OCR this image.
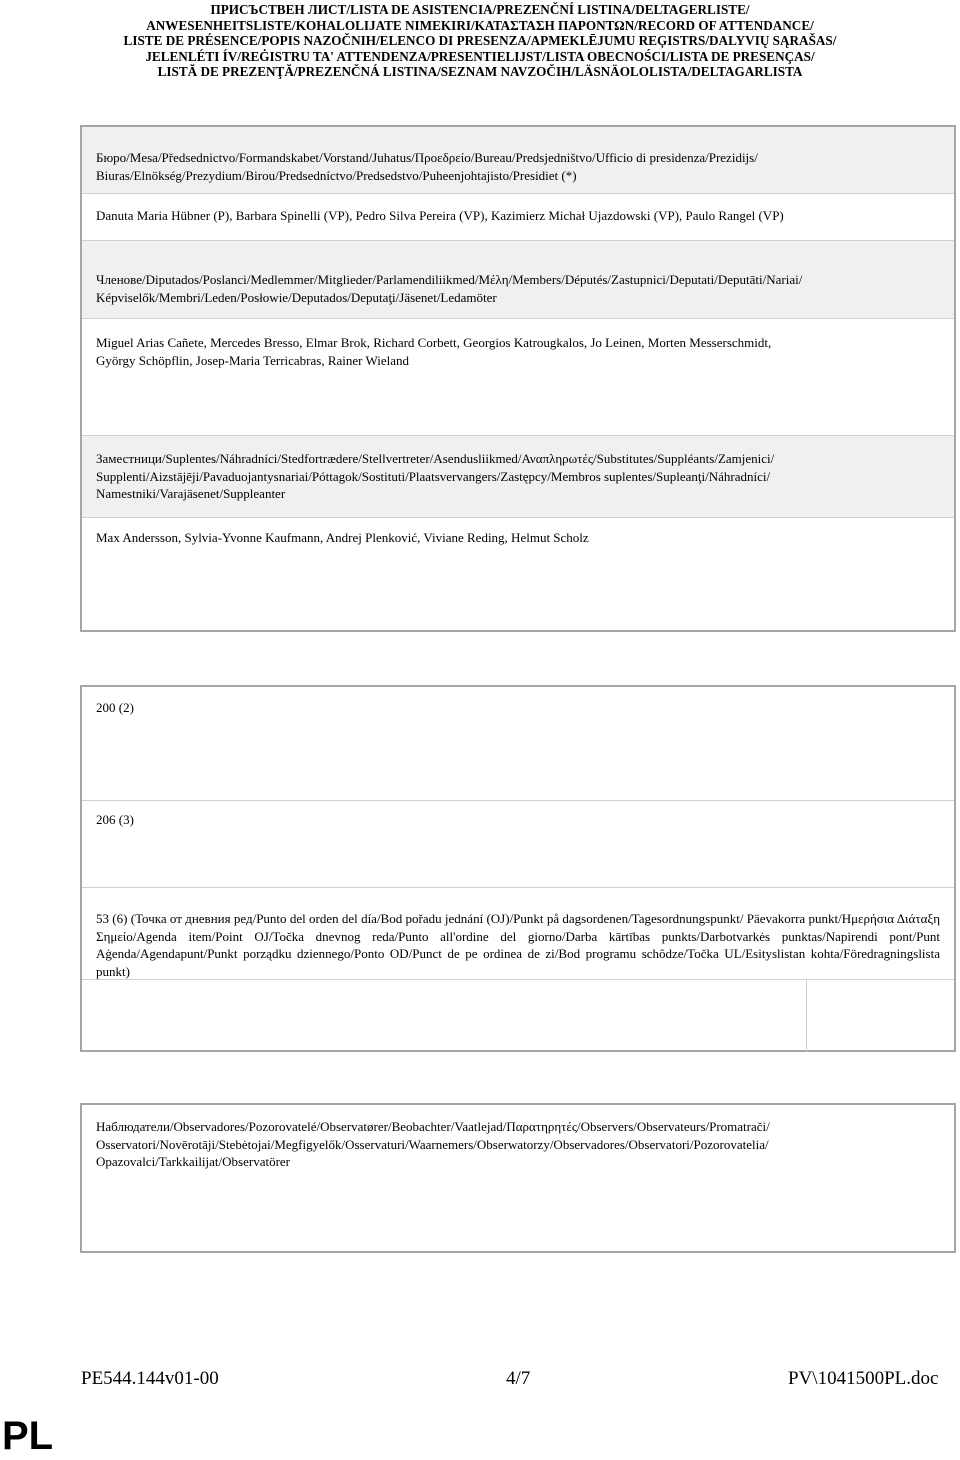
ПРИСЪСТВЕН ЛИСТ/LISTA DE ASISTENCIA/PREZENČNÍ LISTINA/DELTAGERLISTE/
ANWESENHEITSLISTE/KOHALOLIJATE NIMEKIRI/ΚΑΤΑΣΤΑΣΗ ΠΑΡΟΝΤΩΝ/RECORD OF ATTENDANCE/
LISTE DE PRÉSENCE/POPIS NAZOČNIH/ELENCO DI PRESENZA/APMEKLĒJUMU REĢISTRS/DALYVIŲ SĄRAŠAS/
JELENLÉTI ÍV/REĠISTRU TA' ATTENDENZA/PRESENTIELIJST/LISTA OBECNOŚCI/LISTA DE PRESENÇAS/
LISTĂ DE PREZENŢĂ/PREZENČNÁ LISTINA/SEZNAM NAVZOČIH/LÄSNÄOLOLISTA/DELTAGARLISTA
Бюро/Mesa/Předsednictvo/Formandskabet/Vorstand/Juhatus/Προεδρείο/Bureau/Predsjedništvo/Ufficio di presidenza/Prezidijs/
Biuras/Elnökség/Prezydium/Birou/Predsedníctvo/Predsedstvo/Puheenjohtajisto/Presidiet (*)
Danuta Maria Hübner (P), Barbara Spinelli (VP), Pedro Silva Pereira (VP), Kazimierz Michał Ujazdowski (VP), Paulo Rangel (VP)
Членове/Diputados/Poslanci/Medlemmer/Mitglieder/Parlamendiliikmed/Μέλη/Members/Députés/Zastupnici/Deputati/Deputāti/Nariai/
Képviselők/Membri/Leden/Posłowie/Deputados/Deputaţi/Jäsenet/Ledamöter
Miguel Arias Cañete, Mercedes Bresso, Elmar Brok, Richard Corbett, Georgios Katrougkalos, Jo Leinen, Morten Messerschmidt,
György Schöpflin, Josep-Maria Terricabras, Rainer Wieland
Заместници/Suplentes/Náhradníci/Stedfortrædere/Stellvertreter/Asendusliikmed/Αναπληρωτές/Substitutes/Suppléants/Zamjenici/
Supplenti/Aizstājēji/Pavaduojantysnariai/Póttagok/Sostituti/Plaatsvervangers/Zastępcy/Membros suplentes/Supleanţi/Náhradníci/
Namestniki/Varajäsenet/Suppleanter
Max Andersson, Sylvia-Yvonne Kaufmann, Andrej Plenković, Viviane Reding, Helmut Scholz
200 (2)
206 (3)
53 (6) (Точка от дневния ред/Punto del orden del día/Bod pořadu jednání (OJ)/Punkt på dagsordenen/Tagesordnungspunkt/ Päevakorra punkt/Ημερήσια Διάταξη Σημείο/Agenda item/Point OJ/Točka dnevnog reda/Punto all'ordine del giorno/Darba kārtības punkts/Darbotvarkės punktas/Napirendi pont/Punt Aġenda/Agendapunt/Punkt porządku dziennego/Ponto OD/Punct de pe ordinea de zi/Bod programu schôdze/Točka UL/Esityslistan kohta/Föredragningslista punkt)
Наблюдатели/Observadores/Pozorovatelé/Observatører/Beobachter/Vaatlejad/Παρατηρητές/Observers/Observateurs/Promatrači/
Osservatori/Novērotāji/Stebėtojai/Megfigyelők/Osservaturi/Waarnemers/Obserwatorzy/Observadores/Observatori/Pozorovatelia/
Opazovalci/Tarkkailijat/Observatörer
PE544.144v01-00	4/7	PV\1041500PL.doc
PL
